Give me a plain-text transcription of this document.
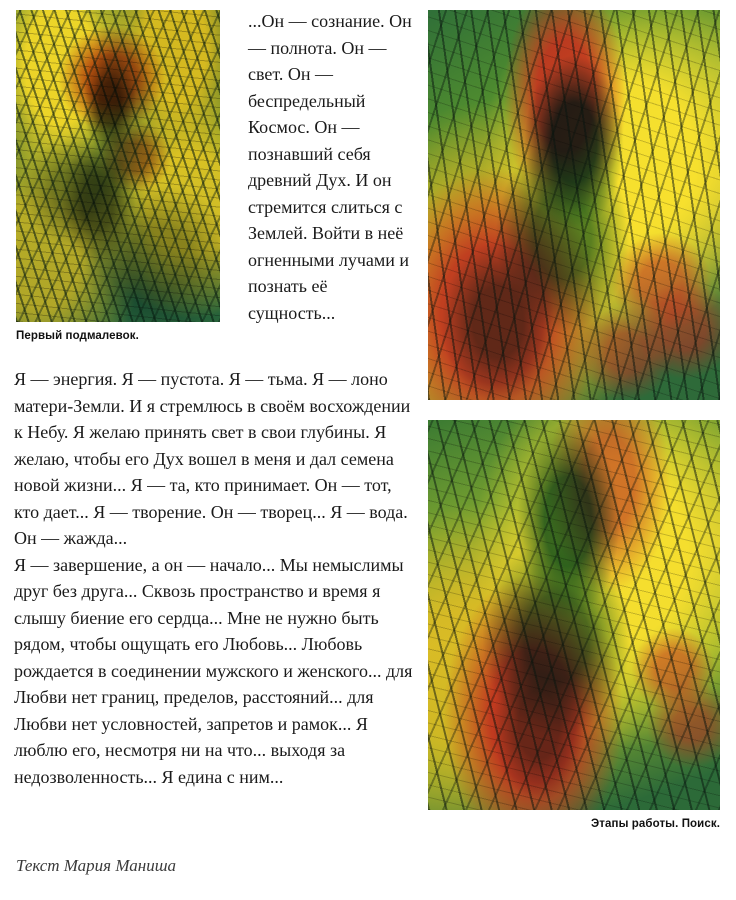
Первый подмалевок.
Этапы работы. Поиск.

...Он — сознание. Он — полнота. Он — свет. Он — беспредельный Космос. Он — познавший себя древний Дух. И он стремится слиться с Землей. Войти в неё огненными лучами и познать её сущность...

Я — энергия. Я — пустота. Я — тьма. Я — лоно матери-Земли. И я стремлюсь в своём восхождении к Небу. Я желаю принять свет в свои глубины. Я желаю, чтобы его Дух вошел в меня и дал семена новой жизни... Я — та, кто принимает. Он — тот, кто дает... Я — творение. Он — творец... Я — вода. Он — жажда...

Я — завершение, а он — начало... Мы немыслимы друг без друга... Сквозь пространство и время я слышу биение его сердца... Мне не нужно быть рядом, чтобы ощущать его Любовь... Любовь рождается в соединении мужского и женского... для Любви нет границ, пределов, расстояний... для Любви нет условностей, запретов и рамок... Я люблю его, несмотря ни на что... выходя за недозволенность... Я едина с ним...

Текст Мария Маниша
